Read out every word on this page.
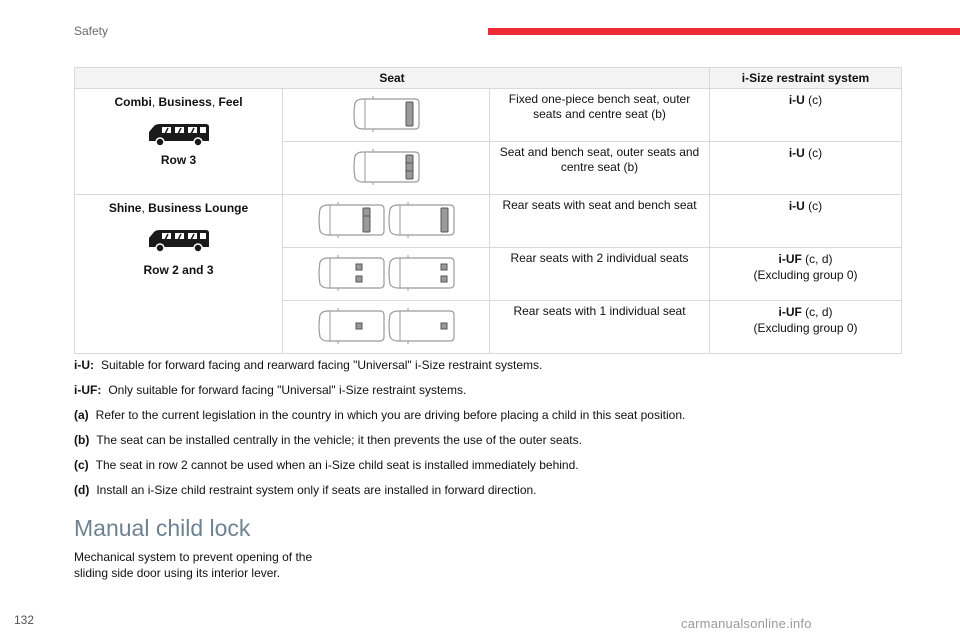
Safety
Seat			i-Size restraint system

Combi, Business, Feel
Row 3		Fixed one-piece bench seat, outer seats and centre seat (b)	i-U (c)

	Seat and bench seat, outer seats and centre seat (b)	i-U (c)

Shine, Business Lounge
Row 2 and 3		Rear seats with seat and bench seat	i-U (c)

	Rear seats with 2 individual seats	i-UF (c, d)
(Excluding group 0)

	Rear seats with 1 individual seat	i-UF (c, d)
(Excluding group 0)

i-U: Suitable for forward facing and rearward facing "Universal" i-Size restraint systems.

i-UF: Only suitable for forward facing "Universal" i-Size restraint systems.

(a) Refer to the current legislation in the country in which you are driving before placing a child in this seat position.

(b) The seat can be installed centrally in the vehicle; it then prevents the use of the outer seats.

(c) The seat in row 2 cannot be used when an i-Size child seat is installed immediately behind.

(d) Install an i-Size child restraint system only if seats are installed in forward direction.

Manual child lock

Mechanical system to prevent opening of the sliding side door using its interior lever.

132	carmanualsonline.info
